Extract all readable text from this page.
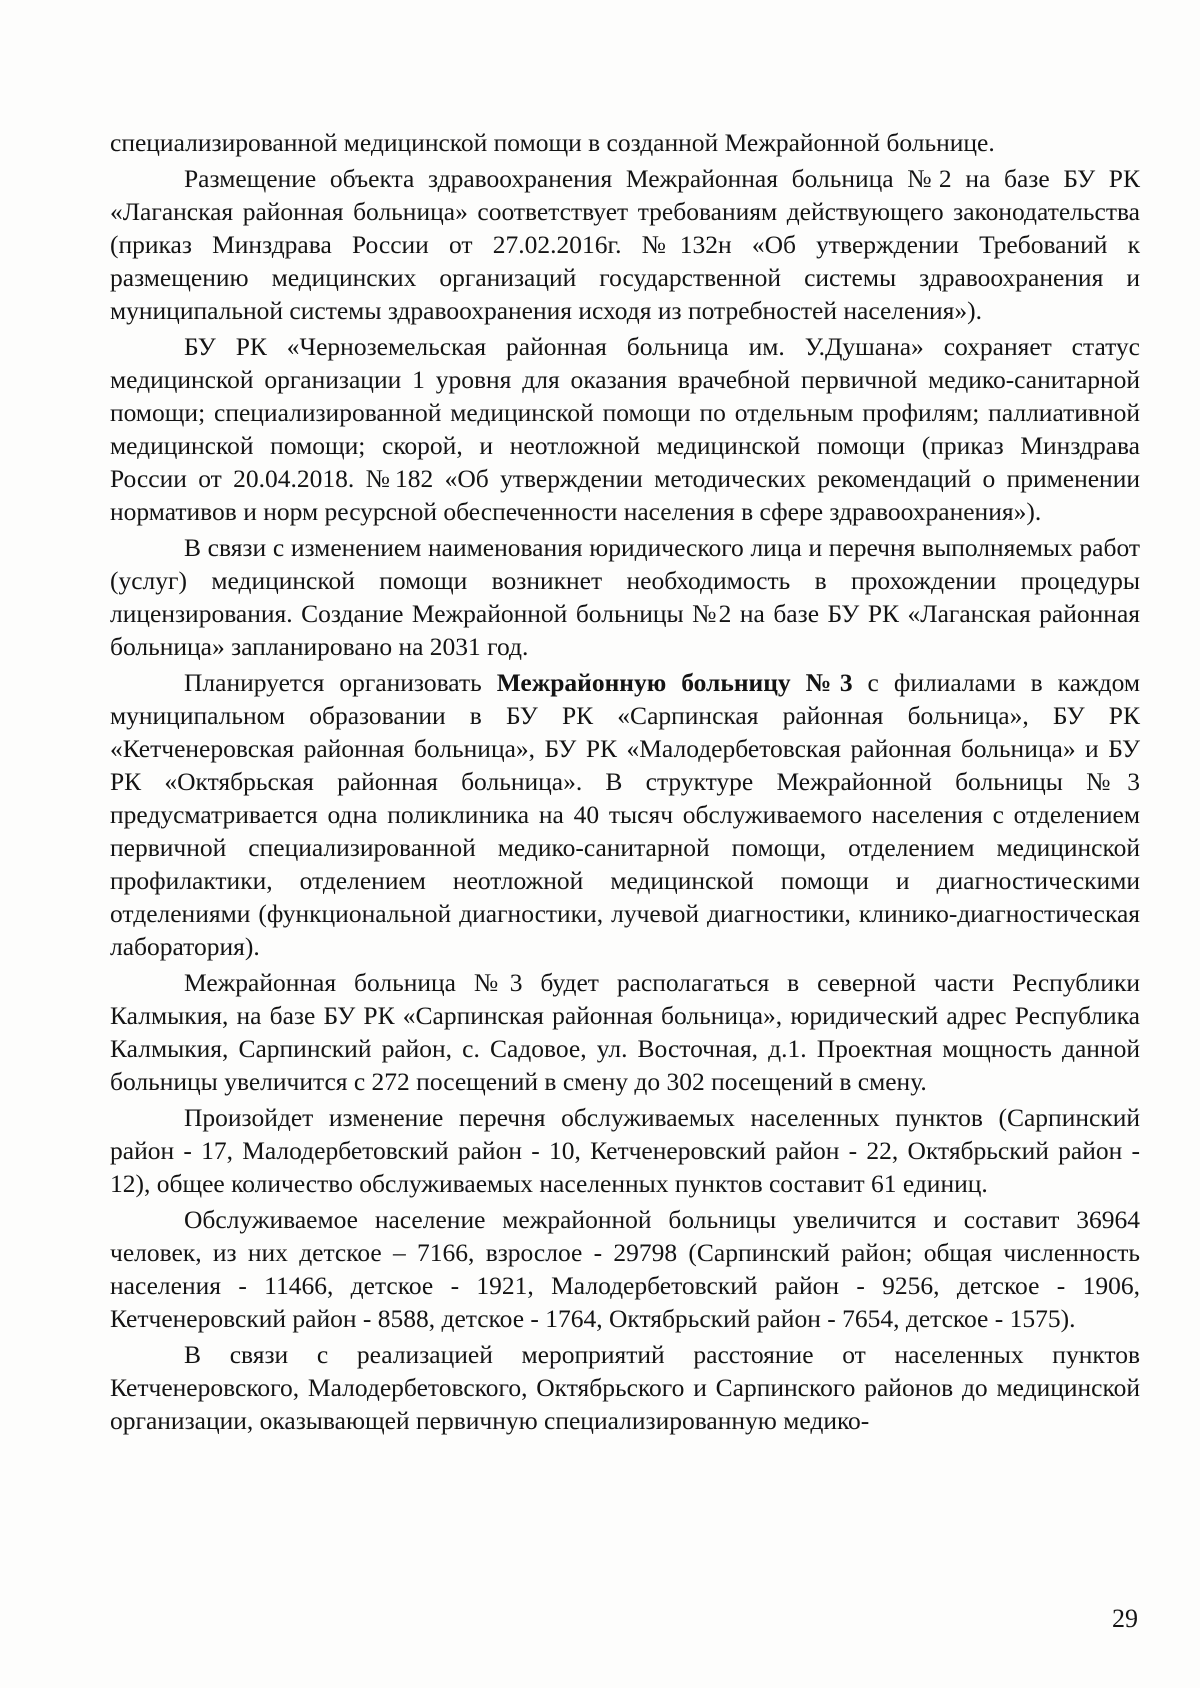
специализированной медицинской помощи в созданной Межрайонной больнице.

Размещение объекта здравоохранения Межрайонная больница №2 на базе БУ РК «Лаганская районная больница» соответствует требованиям действующего законодательства (приказ Минздрава России от 27.02.2016г. №132н «Об утверждении Требований к размещению медицинских организаций государственной системы здравоохранения и муниципальной системы здравоохранения исходя из потребностей населения»).

БУ РК «Черноземельская районная больница им. У.Душана» сохраняет статус медицинской организации 1 уровня для оказания врачебной первичной медико-санитарной помощи; специализированной медицинской помощи по отдельным профилям; паллиативной медицинской помощи; скорой, и неотложной медицинской помощи (приказ Минздрава России от 20.04.2018. №182 «Об утверждении методических рекомендаций о применении нормативов и норм ресурсной обеспеченности населения в сфере здравоохранения»).

В связи с изменением наименования юридического лица и перечня выполняемых работ (услуг) медицинской помощи возникнет необходимость в прохождении процедуры лицензирования. Создание Межрайонной больницы №2 на базе БУ РК «Лаганская районная больница» запланировано на 2031 год.

Планируется организовать Межрайонную больницу №3 с филиалами в каждом муниципальном образовании в БУ РК «Сарпинская районная больница», БУ РК «Кетченеровская районная больница», БУ РК «Малодербетовская районная больница» и БУ РК «Октябрьская районная больница». В структуре Межрайонной больницы №3 предусматривается одна поликлиника на 40 тысяч обслуживаемого населения с отделением первичной специализированной медико-санитарной помощи, отделением медицинской профилактики, отделением неотложной медицинской помощи и диагностическими отделениями (функциональной диагностики, лучевой диагностики, клинико-диагностическая лаборатория).

Межрайонная больница №3 будет располагаться в северной части Республики Калмыкия, на базе БУ РК «Сарпинская районная больница», юридический адрес Республика Калмыкия, Сарпинский район, с. Садовое, ул. Восточная, д.1. Проектная мощность данной больницы увеличится с 272 посещений в смену до 302 посещений в смену.

Произойдет изменение перечня обслуживаемых населенных пунктов (Сарпинский район - 17, Малодербетовский район - 10, Кетченеровский район - 22, Октябрьский район - 12), общее количество обслуживаемых населенных пунктов составит 61 единиц.

Обслуживаемое население межрайонной больницы увеличится и составит 36964 человек, из них детское – 7166, взрослое - 29798 (Сарпинский район; общая численность населения - 11466, детское - 1921, Малодербетовский район - 9256, детское - 1906, Кетченеровский район - 8588, детское - 1764, Октябрьский район - 7654, детское - 1575).

В связи с реализацией мероприятий расстояние от населенных пунктов Кетченеровского, Малодербетовского, Октябрьского и Сарпинского районов до медицинской организации, оказывающей первичную специализированную медико-

29
